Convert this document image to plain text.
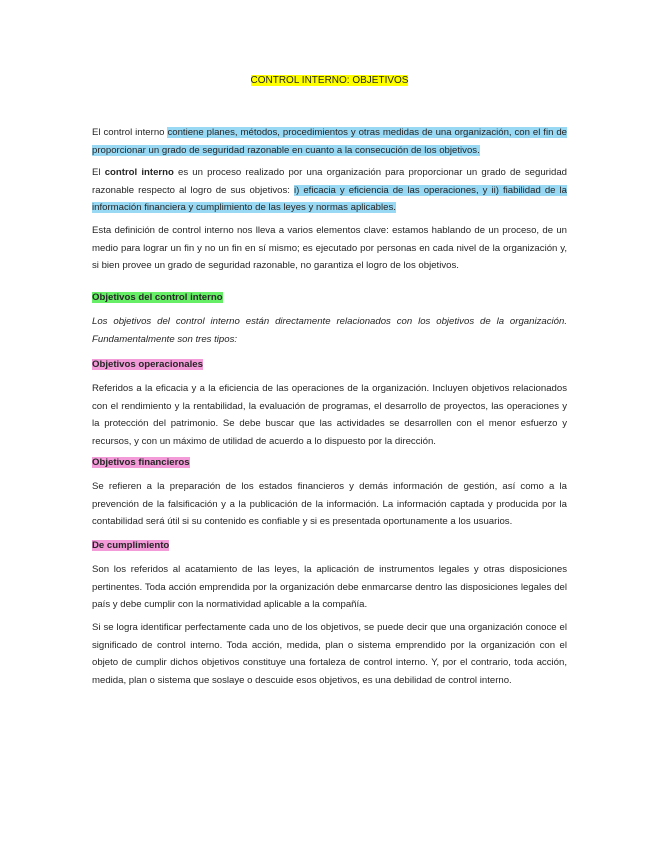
CONTROL INTERNO: OBJETIVOS

El control interno contiene planes, métodos, procedimientos y otras medidas de una organización, con el fin de proporcionar un grado de seguridad razonable en cuanto a la consecución de los objetivos.

El control interno es un proceso realizado por una organización para proporcionar un grado de seguridad razonable respecto al logro de sus objetivos: i) eficacia y eficiencia de las operaciones, y ii) fiabilidad de la información financiera y cumplimiento de las leyes y normas aplicables.

Esta definición de control interno nos lleva a varios elementos clave: estamos hablando de un proceso, de un medio para lograr un fin y no un fin en sí mismo; es ejecutado por personas en cada nivel de la organización y, si bien provee un grado de seguridad razonable, no garantiza el logro de los objetivos.

Objetivos del control interno

Los objetivos del control interno están directamente relacionados con los objetivos de la organización. Fundamentalmente son tres tipos:

Objetivos operacionales

Referidos a la eficacia y a la eficiencia de las operaciones de la organización. Incluyen objetivos relacionados con el rendimiento y la rentabilidad, la evaluación de programas, el desarrollo de proyectos, las operaciones y la protección del patrimonio. Se debe buscar que las actividades se desarrollen con el menor esfuerzo y recursos, y con un máximo de utilidad de acuerdo a lo dispuesto por la dirección.

Objetivos financieros

Se refieren a la preparación de los estados financieros y demás información de gestión, así como a la prevención de la falsificación y a la publicación de la información. La información captada y producida por la contabilidad será útil si su contenido es confiable y si es presentada oportunamente a los usuarios.

De cumplimiento

Son los referidos al acatamiento de las leyes, la aplicación de instrumentos legales y otras disposiciones pertinentes. Toda acción emprendida por la organización debe enmarcarse dentro las disposiciones legales del país y debe cumplir con la normatividad aplicable a la compañía.

Si se logra identificar perfectamente cada uno de los objetivos, se puede decir que una organización conoce el significado de control interno. Toda acción, medida, plan o sistema emprendido por la organización con el objeto de cumplir dichos objetivos constituye una fortaleza de control interno. Y, por el contrario, toda acción, medida, plan o sistema que soslaye o descuide esos objetivos, es una debilidad de control interno.
